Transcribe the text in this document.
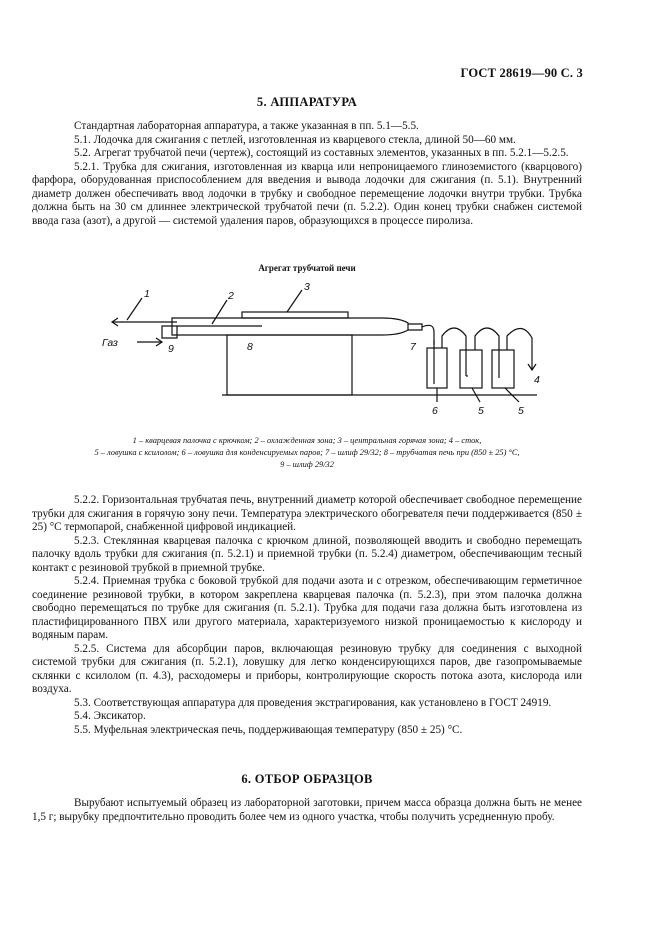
ГОСТ 28619—90 С. 3
5. АППАРАТУРА

Стандартная лабораторная аппаратура, а также указанная в пп. 5.1—5.5.

5.1. Лодочка для сжигания с петлей, изготовленная из кварцевого стекла, длиной 50—60 мм.

5.2. Агрегат трубчатой печи (чертеж), состоящий из составных элементов, указанных в пп. 5.2.1—5.2.5.

5.2.1. Трубка для сжигания, изготовленная из кварца или непроницаемого глиноземистого (кварцового) фарфора, оборудованная приспособлением для введения и вывода лодочки для сжигания (п. 5.1). Внутренний диаметр должен обеспечивать ввод лодочки в трубку и свободное перемещение лодочки внутри трубки. Трубка должна быть на 30 см длиннее электрической трубчатой печи (п. 5.2.2). Один конец трубки снабжен системой ввода газа (азот), а другой — системой удаления паров, образующихся в процессе пиролиза.

Агрегат трубчатой печи
1	2
3
Газ	9	8	7
4
6	5	5
1 – кварцевая палочка с крючком; 2 – охлажденная зона; 3 – центральная горячая зона; 4 – сток,
5 – ловушка с ксилолом; 6 – ловушка для конденсируемых паров; 7 – шлиф 29/32; 8 – трубчатая печь при (850 ± 25) °С,
9 – шлиф 29/32

5.2.2. Горизонтальная трубчатая печь, внутренний диаметр которой обеспечивает свободное перемещение трубки для сжигания в горячую зону печи. Температура электрического обогревателя печи поддерживается (850 ± 25) °С термопарой, снабженной цифровой индикацией.

5.2.3. Стеклянная кварцевая палочка с крючком длиной, позволяющей вводить и свободно перемещать палочку вдоль трубки для сжигания (п. 5.2.1) и приемной трубки (п. 5.2.4) диаметром, обеспечивающим тесный контакт с резиновой трубкой в приемной трубке.

5.2.4. Приемная трубка с боковой трубкой для подачи азота и с отрезком, обеспечивающим герметичное соединение резиновой трубки, в котором закреплена кварцевая палочка (п. 5.2.3), при этом палочка должна свободно перемещаться по трубке для сжигания (п. 5.2.1). Трубка для подачи газа должна быть изготовлена из пластифицированного ПВХ или другого материала, характеризуемого низкой проницаемостью к кислороду и водяным парам.

5.2.5. Система для абсорбции паров, включающая резиновую трубку для соединения с выходной системой трубки для сжигания (п. 5.2.1), ловушку для легко конденсирующихся паров, две газопромываемые склянки с ксилолом (п. 4.3), расходомеры и приборы, контролирующие скорость потока азота, кислорода или воздуха.

5.3. Соответствующая аппаратура для проведения экстрагирования, как установлено в ГОСТ 24919.

5.4. Эксикатор.

5.5. Муфельная электрическая печь, поддерживающая температуру (850 ± 25) °С.

6. ОТБОР ОБРАЗЦОВ

Вырубают испытуемый образец из лабораторной заготовки, причем масса образца должна быть не менее 1,5 г; вырубку предпочтительно проводить более чем из одного участка, чтобы получить усредненную пробу.
